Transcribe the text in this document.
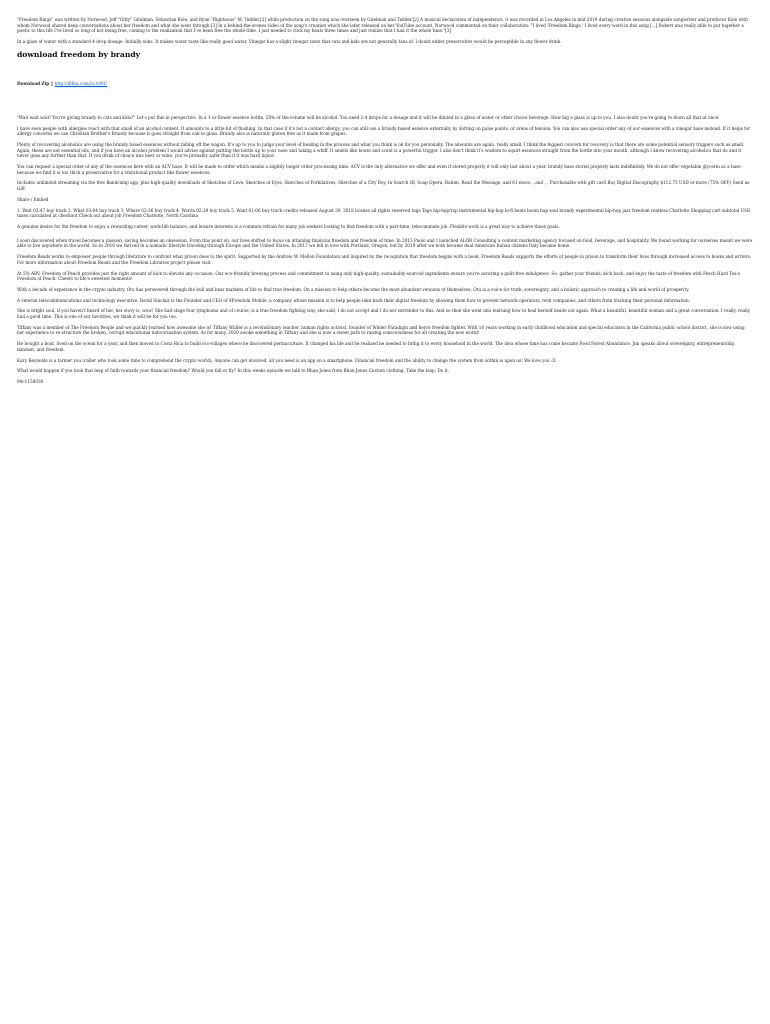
"Freedom Rings" was written by Norwood, Jeff "Gitty" Gitelman, Sebastian Kole, and Ryan "Righteous" M. Tedder,[2] while production on the song was overseen by Gitelman and Tedder.[2] A musical declaration of independence, it was recorded in Los Angeles in mid-2019 during creative sessions alongside songwriter and producer Kole with whom Norwood shared deep conversations about her freedom and what she went through.[3] In a behind-the-scenes video of the song's creation which she later released on her YouTube account, Norwood commented on their collaboration: "I lived 'Freedom Rings.' I lived every word in this song [...] Robert was really able to put together a poetic to this life I've lived so long of not being free, coming to the realization that I've been free the whole time. I just needed to click my heals three times and just realize that I had it the whole time."[3]

In a glass of water with a standard 4 drop dosage. Initially wins. It makes water taste like really good water. Vinegar has a slight vinegar taste that cats and kids are not generally fans of. I doubt either preservative would be perceptible in any flower drink.

download freedom by brandy
Download Zip || http://jfifba.com/2s rd9U

"Wait wait wait! You're giving brandy to cats and kids?" Let's put this in perspective. In a 1 oz flower essence bottle, 20% of the volume will be alcohol. You need 2-4 drops for a dosage and it will be diluted in a glass of water or other choice beverage. How big a glass is up to you. I also doubt you're going to down all that at once.

I have seen people with allergies react with that small of an alcohol content. It amounts to a little bit of flushing. In that case if it's not a contact allergy, you can still use a brandy-based essence externally by dotting on pulse points, or areas of tension. You can also use special order any of our essences with a vinegar base instead. If it helps for allergy concerns we use Christian Brother's Brandy because it goes straight from oak to glass. Brandy also is naturally gluten free as it made from grapes.

Plenty of recovering alcoholics are using the brandy based essences without falling off the wagon. It's up to you to judge your level of healing in the process and what you think is ok for you personally. The amounts are again, really small. I think the biggest concern for recovery is that there are some potential sensory triggers such as smell. Again, these are not essential oils, and if you have an alcohol problem I would advise against putting the bottle up to your nose and taking a whiff. It smells like booze and scent is a powerful trigger. I also don't think it's wisdom to squirt essences straight from the bottle into your mouth, although I know recovering alcoholics that do and it never goes any further than that. If you drink of choice was beer or wine, you're probably safer than if it was hard liquor.

You can request a special order of any of the essences here with an ACV base. It will be made to order which means a slightly longer order processing time. ACV is the only alternative we offer and even if stored properly it will only last about a year, brandy base stored properly lasts indefinitely. We do not offer vegetable glycerin as a base because we find it is too thick a preservative for a vibrational product like flower essences.

Includes unlimited streaming via the free Bandcamp app, plus high-quality downloads of Sketches of Love, Sketches of Eyes, Sketches of Formlatives, Sketches of a City Boy, In Search Of, Soap Opera, Rahim, Read the Message, and 61 more. , and , . Purchasable with gift card Buy Digital Discography $112.75 USD or more (75% OFF) Send as Gift

Share / Embed

1. Wait 02:47 buy track 2. What 03:04 buy track 3. Where 02:36 buy track 4. Words 02:29 buy track 5. Want 01:06 buy track credits released August 30, 2018 license all rights reserved tags Tags hip-hop/rap instrumental hip-hop lo-fi beats boom bap soul brandy experimental hip-hop jazz freedom rentless Charlotte Shopping cart subtotal USD taxes calculated at checkout Check out about job Freedom Charlotte, North Carolina

A genuine desire for the freedom to enjoy a rewarding career, work-life balance, and leisure interests is a common refrain for many job seekers looking to find freedom with a part-time, telecommute job. Flexible work is a great way to achieve those goals.

I soon discovered when travel becomes a passion, saving becomes an obsession. From this point on, our lives shifted to focus on attaining financial freedom and freedom of time. In 2013 Paolo and I launched ALOR Consulting a content marketing agency focused on food, beverage, and hospitality. We found working for ourselves meant we were able to live anywhere in the world. So in 2016 we thrived in a nomadic lifestyle traveling through Europe and the United States. In 2017 we fell in love with Portland, Oregon, but by 2019 after we both became dual American Italian citizens Italy became home.

Freedom Reads works to empower people through literature to confront what prison does to the spirit. Supported by the Andrew W. Mellon Foundation and inspired by the recognition that freedom begins with a book, Freedom Reads supports the efforts of people in prison to transform their lives through increased access to books and writers. For more information about Freedom Reads and the Freedom Libraries project please visit .

At 5% ABV, Freedom of Peach provides just the right amount of kick to elevate any occasion. Our eco-friendly brewing process and commitment to using only high-quality, sustainably-sourced ingredients ensure you're savoring a guilt-free indulgence. So, gather your friends, kick back, and enjoy the taste of freedom with Peach Hard Tea's Freedom of Peach. Cheers to life's sweetest moments!

With a decade of experience in the crypto industry, Otu has persevered through the bull and bear markets of life to find true freedom. On a mission to help others become the most abundant versions of themselves, Otu is a voice for truth, sovereignty, and a holistic approach to creating a life and world of prosperity.

A veteran telecommunications and technology executive, David Sinclair is the Founder and CEO of 4Freedom Mobile, a company whose mission is to help people take back their digital freedom by showing them how to prevent network operators, tech companies, and others from tracking their personal information.

She is bright soul, if you haven't heard of her, her story is, wow! She had stage four lymphoma and of course, is a true freedom fighting way, she said, I do not accept and I do not surrender to this. And so then she went into learning how to heal herself inside out again. What a beautiful, beautiful woman and a great conversation. I really, really had a good time. This is one of our favorites, we think it will be for you too.

Tiffany was a member of The Freedom People and we quickly learned how awesome she is! Tiffany Wilder is a revolutionary teacher, human rights activist, founder of Wilder Paradigm and fierce freedom fighter. With 10 years working in early childhood education and special education in the California public school district, she is now using her experience to re-structure the broken, corrupt educational indoctrination system. As for many, 2020 awoke something in Tiffany and she is now a sweet path to raising consciousness for all creating the new world!

He bought a boat, lived on the ocean for a year, and then moved to Costa Rica to build eco-villages where he discovered permaculture. It changed his life and he realized he needed to bring it to every household in the world. The idea whose time has come became Food Forest Abundance. Jim speaks about sovereignty, entrepreneurship, mindset, and freedom.

Kary Reynolds is a farmer you (caller who took some time to comprehend the crypto world). Anyone can get involved, all you need is an app on a smartphone. Financial freedom and the ability to change the system from within is upon us! We love you :D

What would happen if you took that leap of faith towards your financial freedom? Would you fall or fly? In this weeks episode we talk to Rhan Jones from Rhan Jones Custom clothing. Take the leap. Do it.

94c1158030
